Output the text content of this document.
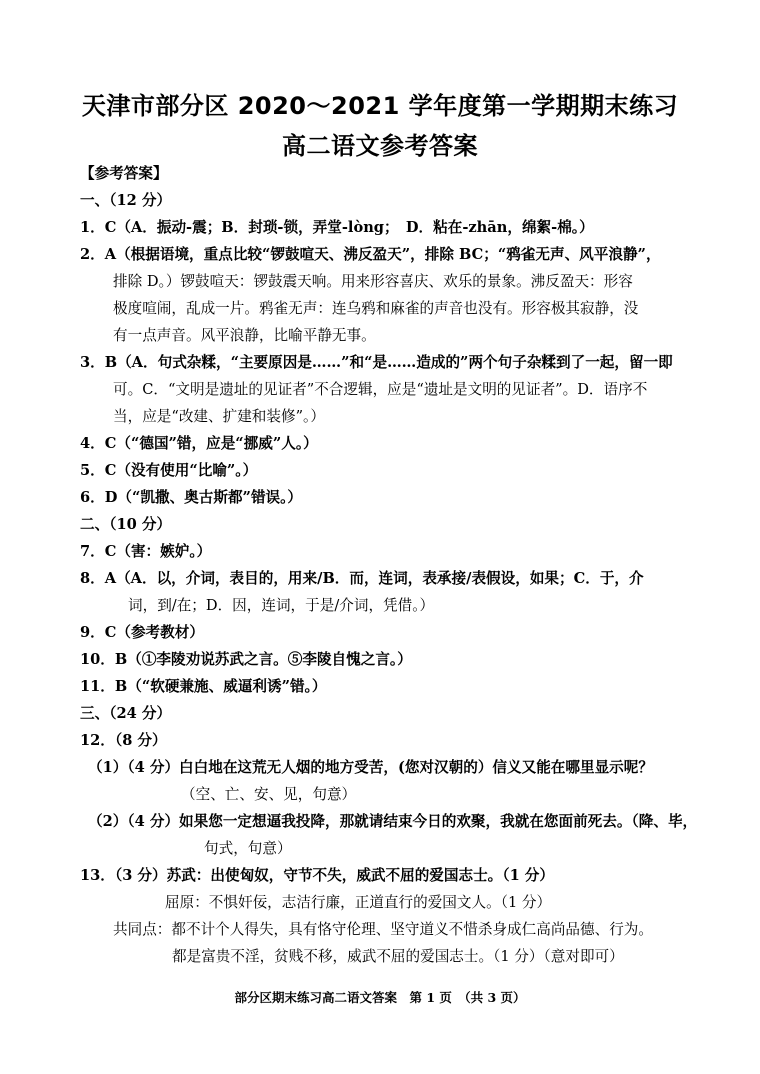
天津市部分区 2020～2021 学年度第一学期期末练习
高二语文参考答案
【参考答案】
一、（12 分）
1．C（A．振动-震；B．封琐-锁，弄堂-lòng；　D．粘在-zhān，绵絮-棉。）
2．A（根据语境，重点比较“锣鼓喧天、沸反盈天”，排除 BC；“鸦雀无声、风平浪静”，
排除 D。）锣鼓喧天：锣鼓震天响。用来形容喜庆、欢乐的景象。沸反盈天：形容
极度喧闹，乱成一片。鸦雀无声：连乌鸦和麻雀的声音也没有。形容极其寂静，没
有一点声音。风平浪静，比喻平静无事。
3．B（A．句式杂糅，“主要原因是……”和“是……造成的”两个句子杂糅到了一起，留一即
可。C．“文明是遗址的见证者”不合逻辑，应是“遗址是文明的见证者”。D．语序不
当，应是“改建、扩建和装修”。）
4．C（“德国”错，应是“挪威”人。）
5．C（没有使用“比喻”。）
6．D（“凯撒、奥古斯都”错误。）
二、（10 分）
7．C（害：嫉妒。）
8．A（A．以，介词，表目的，用来/B．而，连词，表承接/表假设，如果；C．于，介
词，到/在；D．因，连词，于是/介词，凭借。）
9．C（参考教材）
10．B（①李陵劝说苏武之言。⑤李陵自愧之言。）
11．B（“软硬兼施、威逼利诱”错。）
三、（24 分）
12．（8 分）
（1）（4 分）白白地在这荒无人烟的地方受苦，(您对汉朝的）信义又能在哪里显示呢？
（空、亡、安、见，句意）
（2）（4 分）如果您一定想逼我投降，那就请结束今日的欢聚，我就在您面前死去。（降、毕，
句式，句意）
13．（3 分）苏武：出使匈奴，守节不失，威武不屈的爱国志士。（1 分）
屈原：不惧奸佞，志洁行廉，正道直行的爱国文人。（1 分）
共同点：都不计个人得失，具有恪守伦理、坚守道义不惜杀身成仁高尚品德、行为。
都是富贵不淫，贫贱不移，威武不屈的爱国志士。（1 分）（意对即可）
部分区期末练习高二语文答案　第 1 页　（共 3 页）
